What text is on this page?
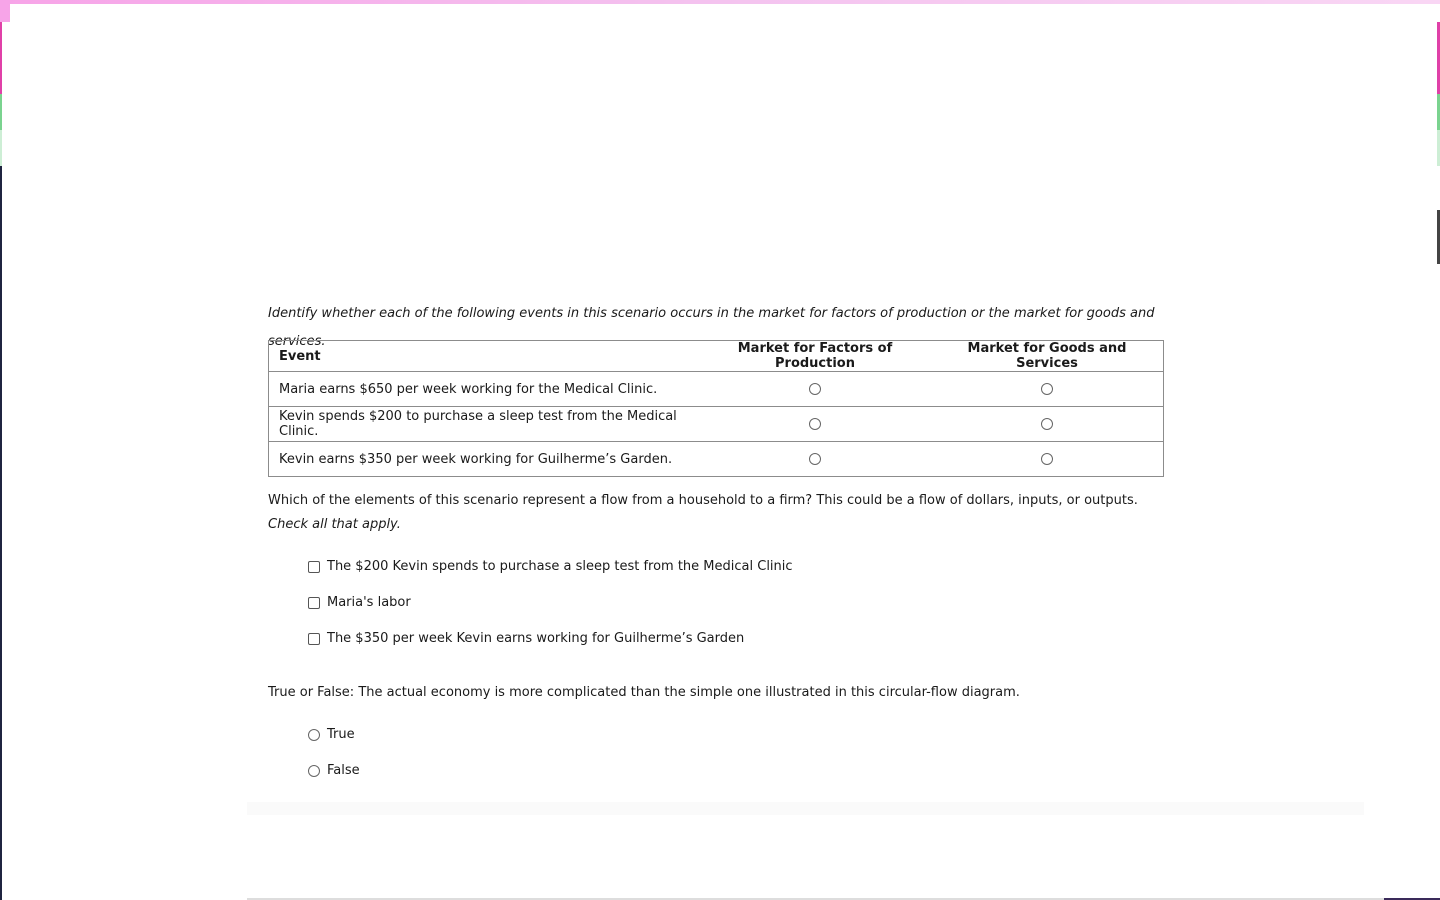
Identify whether each of the following events in this scenario occurs in the market for factors of production or the market for goods and services.

Event	Market for Factors of Production	Market for Goods and Services
Maria earns $650 per week working for the Medical Clinic.		
Kevin spends $200 to purchase a sleep test from the Medical Clinic.		
Kevin earns $350 per week working for Guilherme’s Garden.		

Which of the elements of this scenario represent a flow from a household to a firm? This could be a flow of dollars, inputs, or outputs. Check all that apply.

The $200 Kevin spends to purchase a sleep test from the Medical Clinic
Maria's labor
The $350 per week Kevin earns working for Guilherme’s Garden

True or False: The actual economy is more complicated than the simple one illustrated in this circular-flow diagram.

True
False
